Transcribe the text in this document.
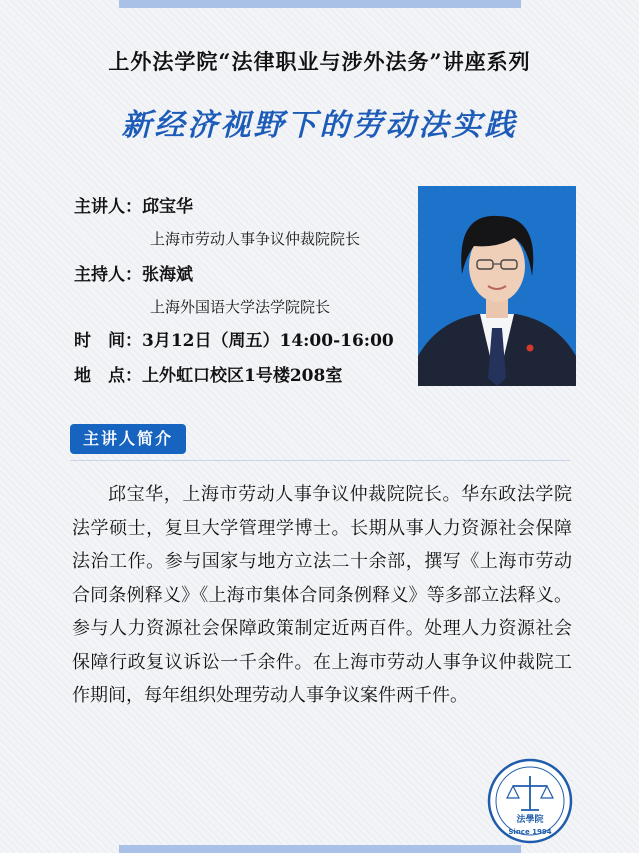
上外法学院“法律职业与涉外法务”讲座系列
新经济视野下的劳动法实践
主讲人：邱宝华
上海市劳动人事争议仲裁院院长
主持人：张海斌
上海外国语大学法学院院长
时　间：3月12日（周五）14:00-16:00
地　点：上外虹口校区1号楼208室
主讲人简介

邱宝华，上海市劳动人事争议仲裁院院长。华东政法学院法学硕士，复旦大学管理学博士。长期从事人力资源社会保障法治工作。参与国家与地方立法二十余部，撰写《上海市劳动合同条例释义》《上海市集体合同条例释义》等多部立法释义。参与人力资源社会保障政策制定近两百件。处理人力资源社会保障行政复议诉讼一千余件。在上海市劳动人事争议仲裁院工作期间，每年组织处理劳动人事争议案件两千件。

法學院
Since 1994
